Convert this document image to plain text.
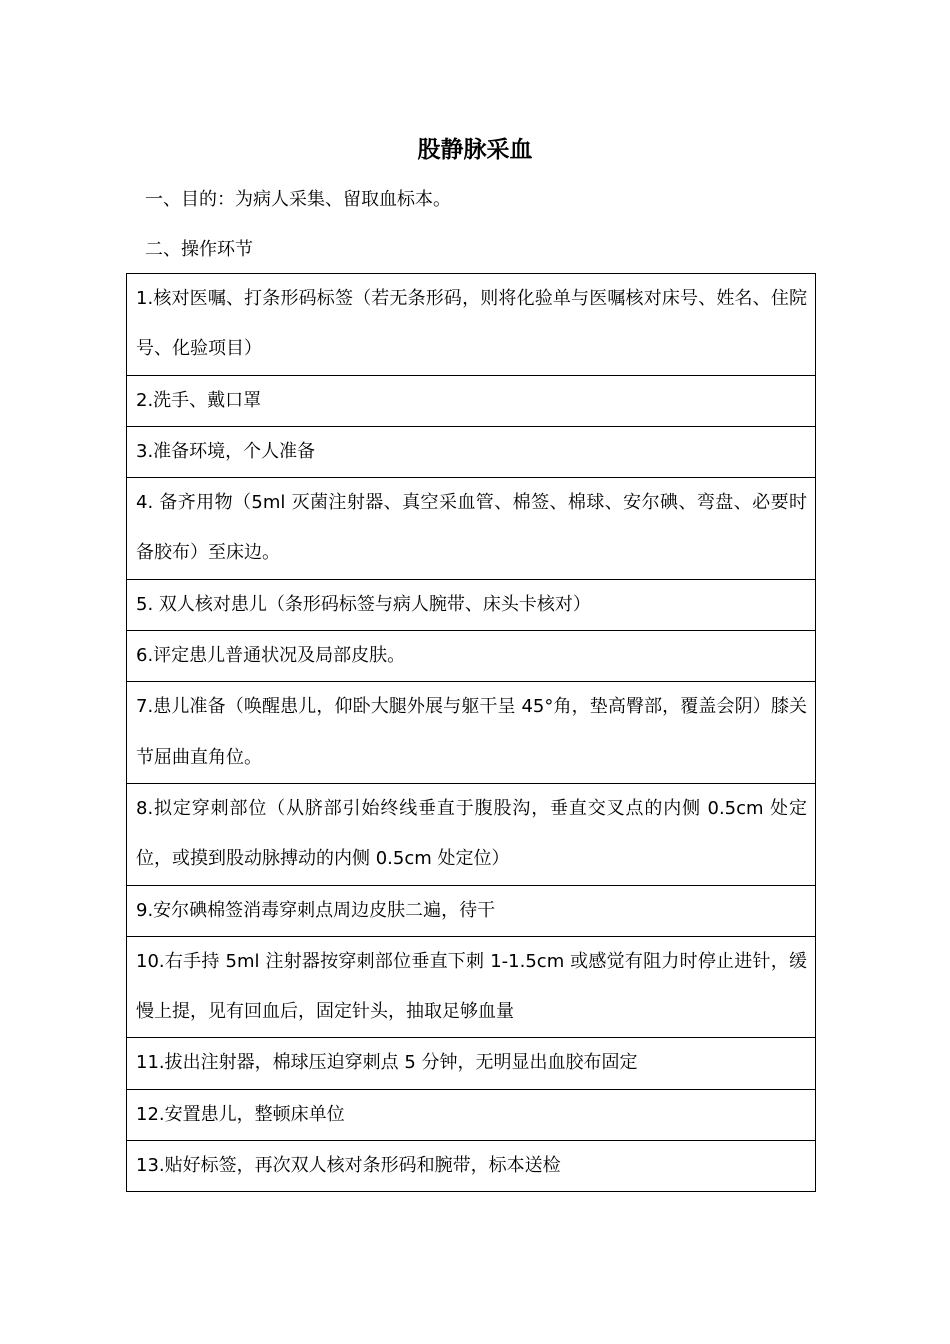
股静脉采血
一、目的：为病人采集、留取血标本。
二、操作环节
1.核对医嘱、打条形码标签（若无条形码，则将化验单与医嘱核对床号、姓名、住院号、化验项目）
2.洗手、戴口罩
3.准备环境，个人准备
4. 备齐用物（5ml 灭菌注射器、真空采血管、棉签、棉球、安尔碘、弯盘、必要时备胶布）至床边。
5. 双人核对患儿（条形码标签与病人腕带、床头卡核对）
6.评定患儿普通状况及局部皮肤。
7.患儿准备（唤醒患儿，仰卧大腿外展与躯干呈 45°角，垫高臀部，覆盖会阴）膝关节屈曲直角位。
8.拟定穿刺部位（从脐部引始终线垂直于腹股沟，垂直交叉点的内侧 0.5cm 处定位，或摸到股动脉搏动的内侧 0.5cm 处定位）
9.安尔碘棉签消毒穿刺点周边皮肤二遍，待干
10.右手持 5ml 注射器按穿刺部位垂直下刺 1-1.5cm 或感觉有阻力时停止进针，缓慢上提，见有回血后，固定针头，抽取足够血量
11.拔出注射器，棉球压迫穿刺点 5 分钟，无明显出血胶布固定
12.安置患儿，整顿床单位
13.贴好标签，再次双人核对条形码和腕带，标本送检
